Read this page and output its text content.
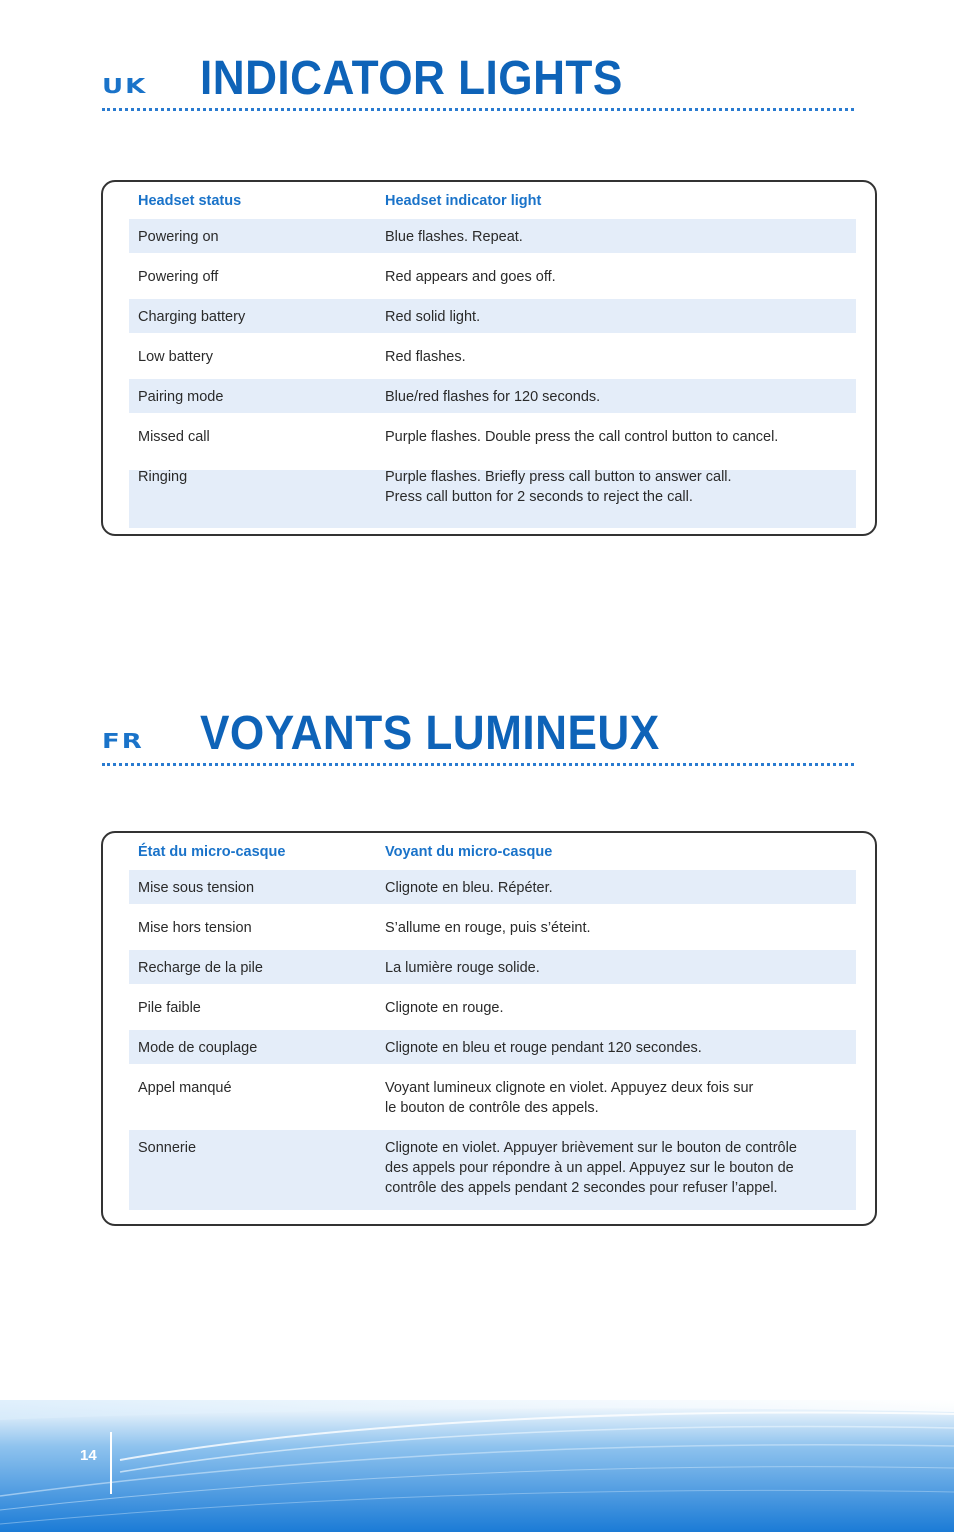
UK INDICATOR LIGHTS
Headset status	Headset indicator light
Powering on	Blue flashes. Repeat.
Powering off	Red appears and goes off.
Charging battery	Red solid light.
Low battery	Red flashes.
Pairing mode	Blue/red flashes for 120 seconds.
Missed call	Purple flashes. Double press the call control button to cancel.
Ringing	Purple flashes. Briefly press call button to answer call.
Press call button for 2 seconds to reject the call.
FR VOYANTS LUMINEUX
État du micro-casque	Voyant du micro-casque
Mise sous tension	Clignote en bleu. Répéter.
Mise hors tension	S’allume en rouge, puis s’éteint.
Recharge de la pile	La lumière rouge solide.
Pile faible	Clignote en rouge.
Mode de couplage	Clignote en bleu et rouge pendant 120 secondes.
Appel manqué	Voyant lumineux clignote en violet. Appuyez deux fois sur
le bouton de contrôle des appels.
Sonnerie	Clignote en violet. Appuyer brièvement sur le bouton de contrôle
des appels pour répondre à un appel. Appuyez sur le bouton de
contrôle des appels pendant 2 secondes pour refuser l’appel.
14
